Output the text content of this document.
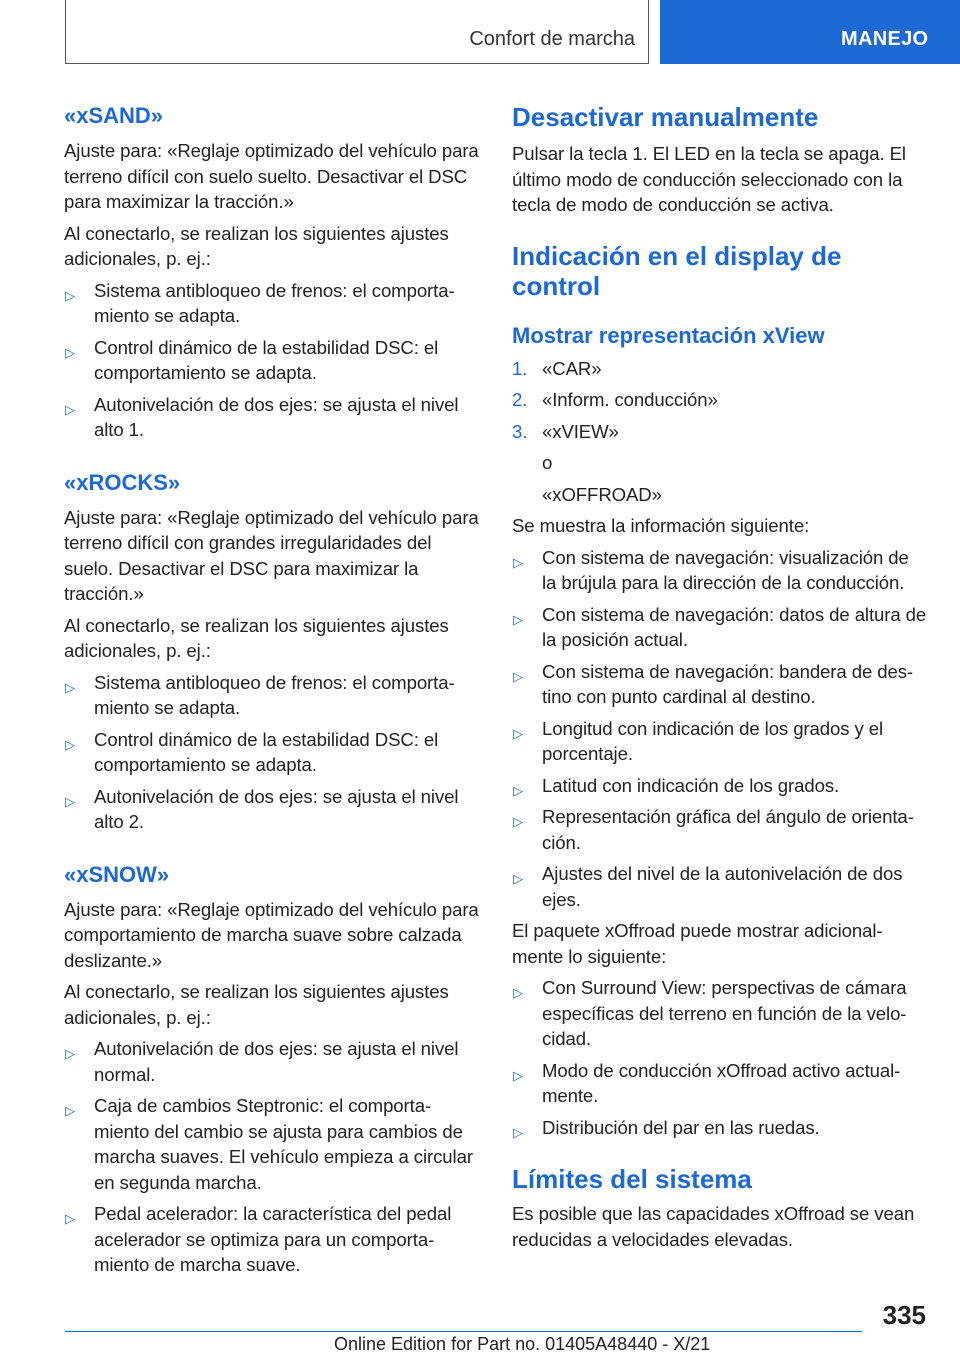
Confort de marcha	MANEJO
«xSAND»

Ajuste para: «Reglaje optimizado del vehículo para terreno difícil con suelo suelto. Desactivar el DSC para maximizar la tracción.»

Al conectarlo, se realizan los siguientes ajustes adicionales, p. ej.:

▷ Sistema antibloqueo de frenos: el comporta‐miento se adapta.
▷ Control dinámico de la estabilidad DSC: el comportamiento se adapta.
▷ Autonivelación de dos ejes: se ajusta el nivel alto 1.
«xROCKS»

Ajuste para: «Reglaje optimizado del vehículo para terreno difícil con grandes irregularidades del suelo. Desactivar el DSC para maximizar la tracción.»

Al conectarlo, se realizan los siguientes ajustes adicionales, p. ej.:

▷ Sistema antibloqueo de frenos: el comporta‐miento se adapta.
▷ Control dinámico de la estabilidad DSC: el comportamiento se adapta.
▷ Autonivelación de dos ejes: se ajusta el nivel alto 2.
«xSNOW»

Ajuste para: «Reglaje optimizado del vehículo para comportamiento de marcha suave sobre calzada deslizante.»

Al conectarlo, se realizan los siguientes ajustes adicionales, p. ej.:

▷ Autonivelación de dos ejes: se ajusta el nivel normal.
▷ Caja de cambios Steptronic: el comporta‐miento del cambio se ajusta para cambios de marcha suaves. El vehículo empieza a circular en segunda marcha.
▷ Pedal acelerador: la característica del pedal acelerador se optimiza para un comporta‐miento de marcha suave.
Desactivar manualmente

Pulsar la tecla 1. El LED en la tecla se apaga. El último modo de conducción seleccionado con la tecla de modo de conducción se activa.

Indicación en el display de control
Mostrar representación xView
1. «CAR»
2. «Inform. conducción»
3. «xVIEW»

o

«xOFFROAD»

Se muestra la información siguiente:

▷ Con sistema de navegación: visualización de la brújula para la dirección de la conducción.
▷ Con sistema de navegación: datos de altura de la posición actual.
▷ Con sistema de navegación: bandera de des‐tino con punto cardinal al destino.
▷ Longitud con indicación de los grados y el porcentaje.
▷ Latitud con indicación de los grados.
▷ Representación gráfica del ángulo de orienta‐ción.
▷ Ajustes del nivel de la autonivelación de dos ejes.

El paquete xOffroad puede mostrar adicional‐mente lo siguiente:

▷ Con Surround View: perspectivas de cámara específicas del terreno en función de la velo‐cidad.
▷ Modo de conducción xOffroad activo actual‐mente.
▷ Distribución del par en las ruedas.
Límites del sistema

Es posible que las capacidades xOffroad se vean reducidas a velocidades elevadas.

335
Online Edition for Part no. 01405A48440 - X/21
